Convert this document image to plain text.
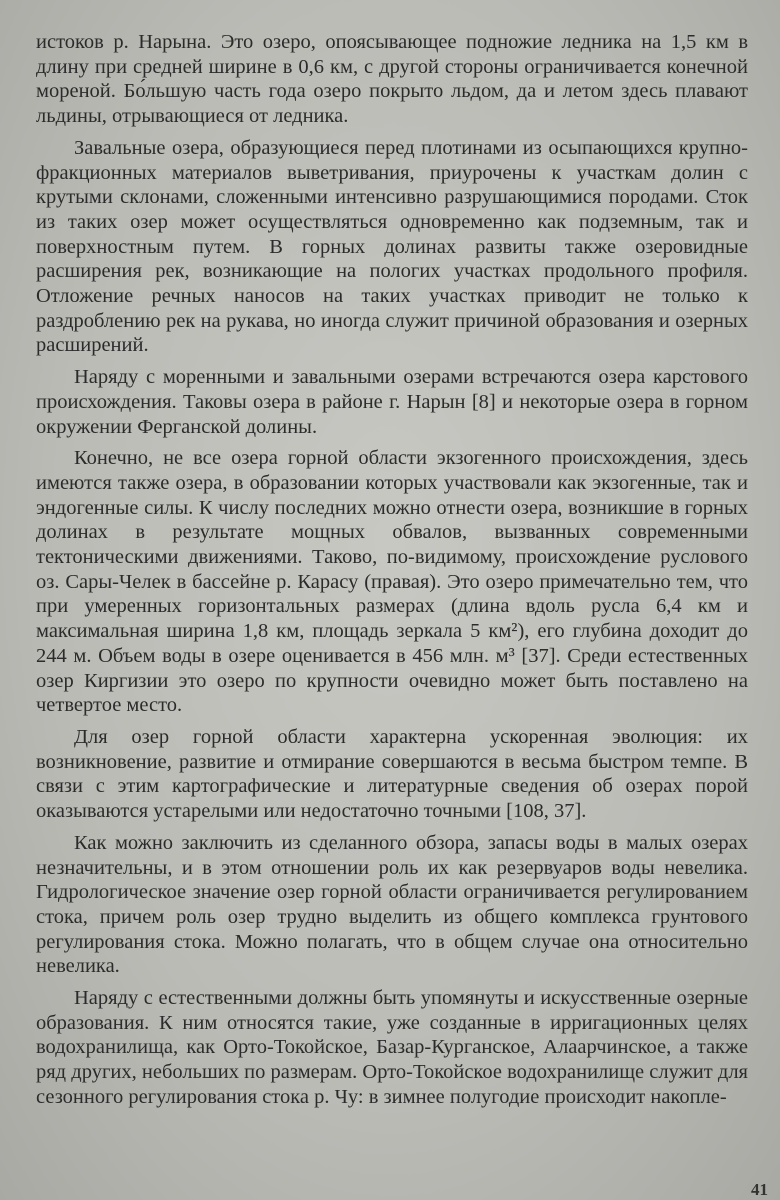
истоков р. Нарына. Это озеро, опоясывающее подножие ледника на 1,5 км в длину при средней ширине в 0,6 км, с другой стороны ограничивается конечной мореной. Бо́льшую часть года озеро покрыто льдом, да и летом здесь плавают льдины, отрывающиеся от ледника.

Завальные озера, образующиеся перед плотинами из осыпающихся крупно-фракционных материалов выветривания, приурочены к участкам долин с крутыми склонами, сложенными интенсивно разрушающимися породами. Сток из таких озер может осуществляться одновременно как подземным, так и поверхностным путем. В горных долинах развиты также озеровидные расширения рек, возникающие на пологих участках продольного профиля. Отложение речных наносов на таких участках приводит не только к раздроблению рек на рукава, но иногда служит причиной образования и озерных расширений.

Наряду с моренными и завальными озерами встречаются озера карстового происхождения. Таковы озера в районе г. Нарын [8] и некоторые озера в горном окружении Ферганской долины.

Конечно, не все озера горной области экзогенного происхождения, здесь имеются также озера, в образовании которых участвовали как экзогенные, так и эндогенные силы. К числу последних можно отнести озера, возникшие в горных долинах в результате мощных обвалов, вызванных современными тектоническими движениями. Таково, по-видимому, происхождение руслового оз. Сары-Челек в бассейне р. Карасу (правая). Это озеро примечательно тем, что при умеренных горизонтальных размерах (длина вдоль русла 6,4 км и максимальная ширина 1,8 км, площадь зеркала 5 км²), его глубина доходит до 244 м. Объем воды в озере оценивается в 456 млн. м³ [37]. Среди естественных озер Киргизии это озеро по крупности очевидно может быть поставлено на четвертое место.

Для озер горной области характерна ускоренная эволюция: их возникновение, развитие и отмирание совершаются в весьма быстром темпе. В связи с этим картографические и литературные сведения об озерах порой оказываются устарелыми или недостаточно точными [108, 37].

Как можно заключить из сделанного обзора, запасы воды в малых озерах незначительны, и в этом отношении роль их как резервуаров воды невелика. Гидрологическое значение озер горной области ограничивается регулированием стока, причем роль озер трудно выделить из общего комплекса грунтового регулирования стока. Можно полагать, что в общем случае она относительно невелика.

Наряду с естественными должны быть упомянуты и искусственные озерные образования. К ним относятся такие, уже созданные в ирригационных целях водохранилища, как Орто-Токойское, Базар-Курганское, Алаарчинское, а также ряд других, небольших по размерам. Орто-Токойское водохранилище служит для сезонного регулирования стока р. Чу: в зимнее полугодие происходит накопле-

41
